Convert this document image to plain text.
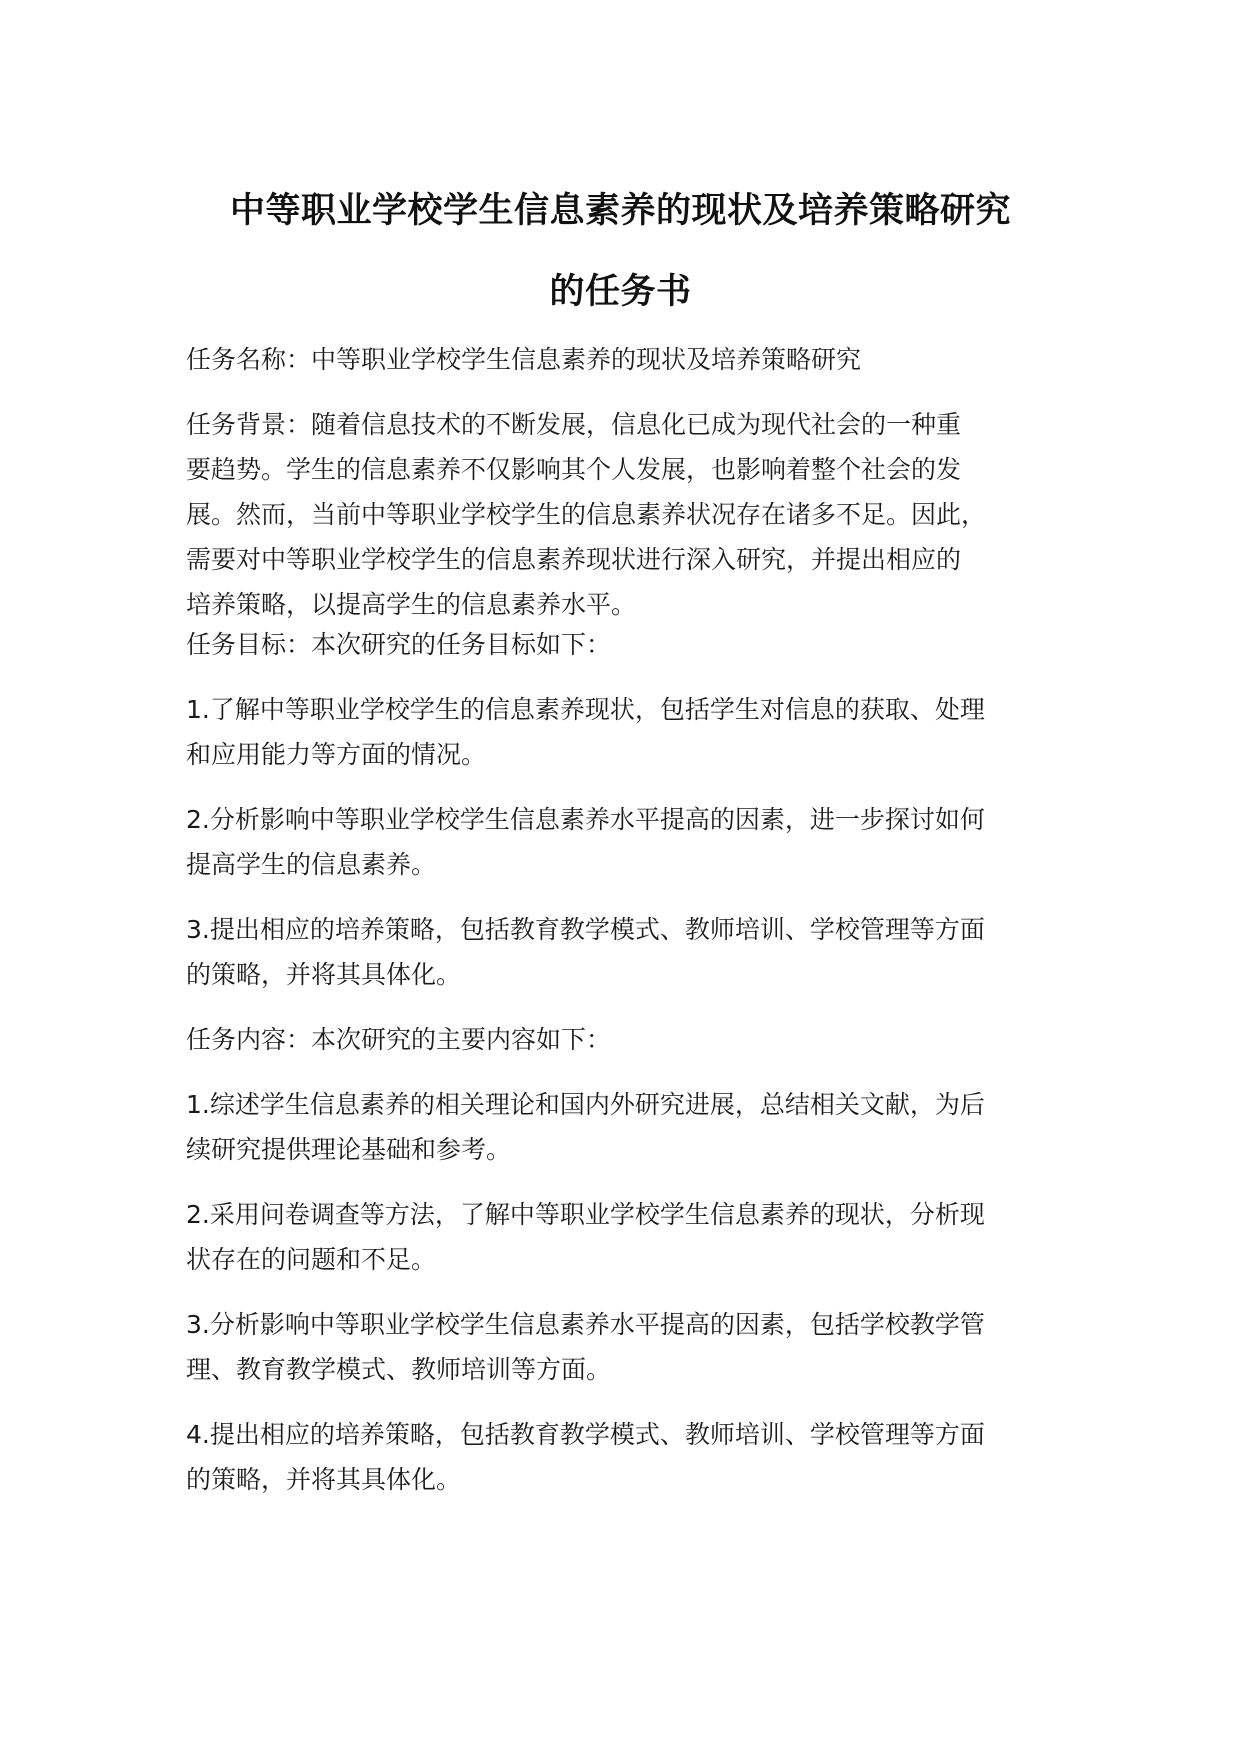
中等职业学校学生信息素养的现状及培养策略研究
的任务书
任务名称：中等职业学校学生信息素养的现状及培养策略研究
任务背景：随着信息技术的不断发展，信息化已成为现代社会的一种重
要趋势。学生的信息素养不仅影响其个人发展，也影响着整个社会的发
展。然而，当前中等职业学校学生的信息素养状况存在诸多不足。因此，
需要对中等职业学校学生的信息素养现状进行深入研究，并提出相应的
培养策略，以提高学生的信息素养水平。
任务目标：本次研究的任务目标如下：
1.了解中等职业学校学生的信息素养现状，包括学生对信息的获取、处理
和应用能力等方面的情况。
2.分析影响中等职业学校学生信息素养水平提高的因素，进一步探讨如何
提高学生的信息素养。
3.提出相应的培养策略，包括教育教学模式、教师培训、学校管理等方面
的策略，并将其具体化。
任务内容：本次研究的主要内容如下：
1.综述学生信息素养的相关理论和国内外研究进展，总结相关文献，为后
续研究提供理论基础和参考。
2.采用问卷调查等方法，了解中等职业学校学生信息素养的现状，分析现
状存在的问题和不足。
3.分析影响中等职业学校学生信息素养水平提高的因素，包括学校教学管
理、教育教学模式、教师培训等方面。
4.提出相应的培养策略，包括教育教学模式、教师培训、学校管理等方面
的策略，并将其具体化。
